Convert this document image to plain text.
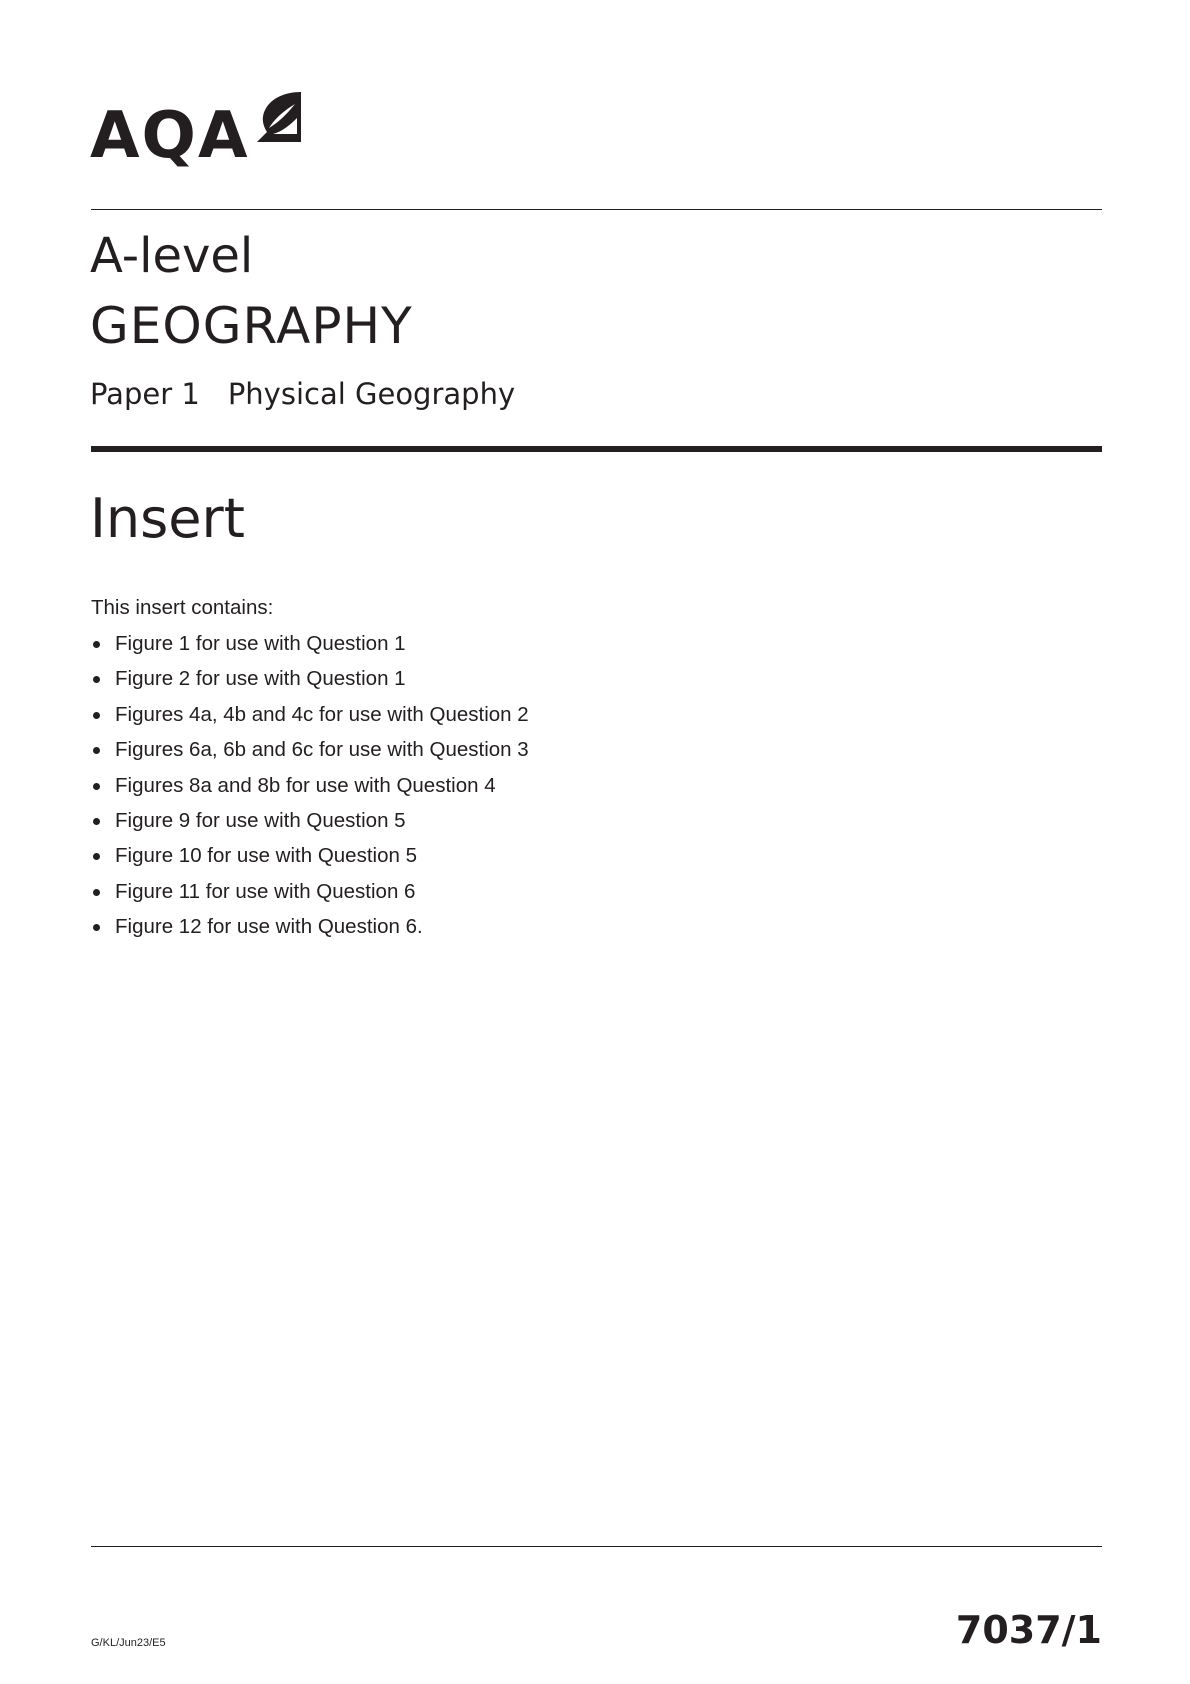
AQA
A-level
GEOGRAPHY
Paper 1 Physical Geography
Insert
This insert contains:
Figure 1 for use with Question 1
Figure 2 for use with Question 1
Figures 4a, 4b and 4c for use with Question 2
Figures 6a, 6b and 6c for use with Question 3
Figures 8a and 8b for use with Question 4
Figure 9 for use with Question 5
Figure 10 for use with Question 5
Figure 11 for use with Question 6
Figure 12 for use with Question 6.
G/KL/Jun23/E5	7037/1
